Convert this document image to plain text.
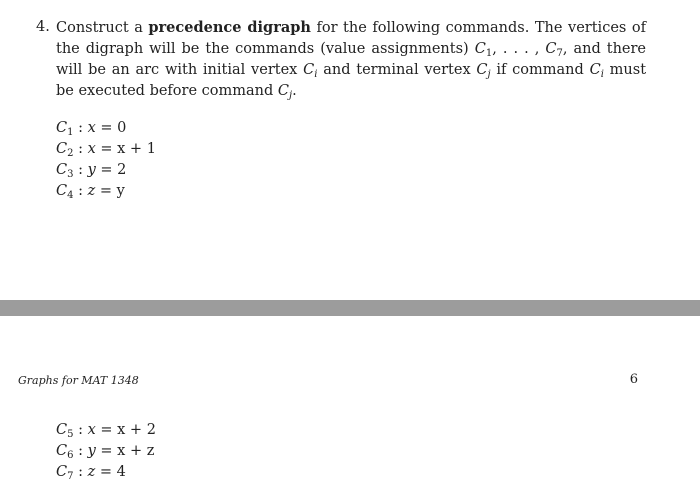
4. Construct a precedence digraph for the following commands. The vertices of the digraph will be the commands (value assignments) $C_1$, . . . , $C_7$, and there will be an arc with initial vertex $C_i$ and terminal vertex $C_j$ if command $C_i$ must be executed before command $C_j$.
$C_1$ : x = 0
$C_2$ : x = x + 1
$C_3$ : y = 2
$C_4$ : z = y
Graphs for MAT 1348	6
$C_5$ : x = x + 2
$C_6$ : y = x + z
$C_7$ : z = 4
